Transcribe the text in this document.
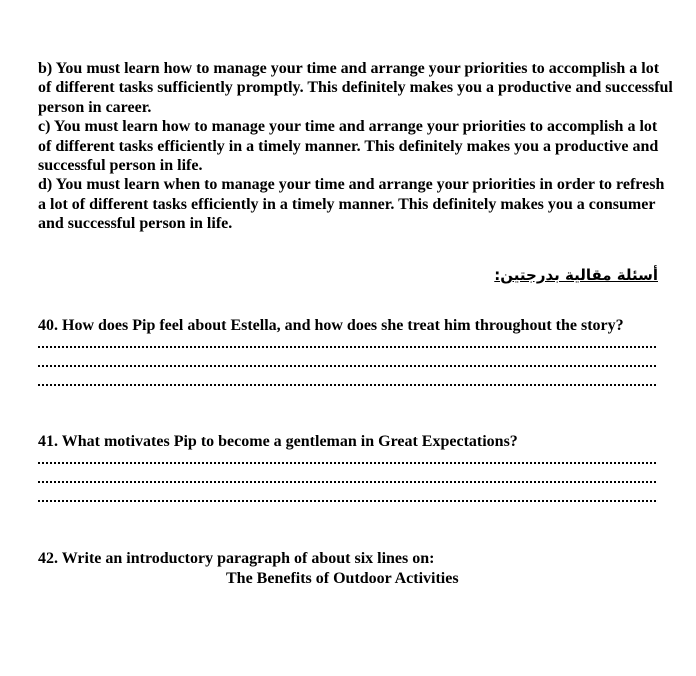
b) You must learn how to manage your time and arrange your priorities to accomplish a lot of different tasks sufficiently promptly. This definitely makes you a productive and successful person in career.

c) You must learn how to manage your time and arrange your priorities to accomplish a lot of different tasks efficiently in a timely manner. This definitely makes you a productive and successful person in life.

d) You must learn when to manage your time and arrange your priorities in order to refresh a lot of different tasks efficiently in a timely manner. This definitely makes you a consumer and successful person in life.

أسئلة مقالية بدرجتين:
40. How does Pip feel about Estella, and how does she treat him throughout the story?
41. What motivates Pip to become a gentleman in Great Expectations?
42. Write an introductory paragraph of about six lines on:
The Benefits of Outdoor Activities
